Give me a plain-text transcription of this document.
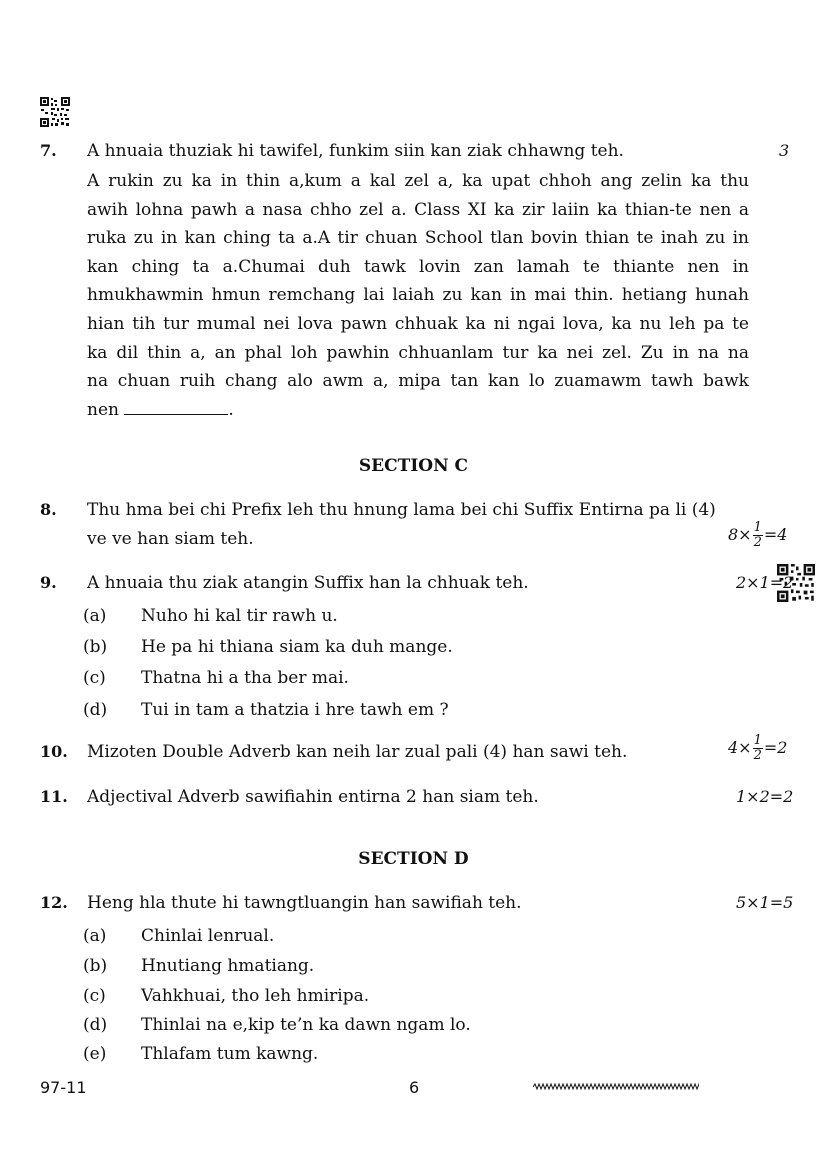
7. A hnuaia thuziak hi tawifel, funkim siin kan ziak chhawng teh.	3
A rukin zu ka in thin a,kum a kal zel a, ka upat chhoh ang zelin ka thu
awih lohna pawh a nasa chho zel a. Class XI ka zir laiin ka thian-te nen a
ruka zu in kan ching ta a.A tir chuan School tlan bovin thian te inah zu in
kan ching ta a.Chumai duh tawk lovin zan lamah te thiante nen in
hmukhawmin hmun remchang lai laiah zu kan in mai thin. hetiang hunah
hian tih tur mumal nei lova pawn chhuak ka ni ngai lova, ka nu leh pa te
ka dil thin a, an phal loh pawhin chhuanlam tur ka nei zel. Zu in na na
na chuan ruih chang alo awm a, mipa tan kan lo zuamawm tawh bawk
nen	.
SECTION C
8. Thu hma bei chi Prefix leh thu hnung lama bei chi Suffix Entirna pa li (4)
ve ve han siam teh.	$8\times \frac{1}{2} =4$
9. A hnuaia thu ziak atangin Suffix han la chhuak teh.	2×1=2
(a) Nuho hi kal tir rawh u.
(b) He pa hi thiana siam ka duh mange.
(c) Thatna hi a tha ber mai.
(d) Tui in tam a thatzia i hre tawh em ?
10. Mizoten Double Adverb kan neih lar zual pali (4) han sawi teh.	$4\times \frac{1}{2} =2$
11. Adjectival Adverb sawifiahin entirna 2 han siam teh.	1×2=2
SECTION D
12. Heng hla thute hi tawngtluangin han sawifiah teh.	5×1=5
(a) Chinlai lenrual.
(b) Hnutiang hmatiang.
(c) Vahkhuai, tho leh hmiripa.
(d) Thinlai na e,kip te’n ka dawn ngam lo.
(e) Thlafam tum kawng.
97-11	6
